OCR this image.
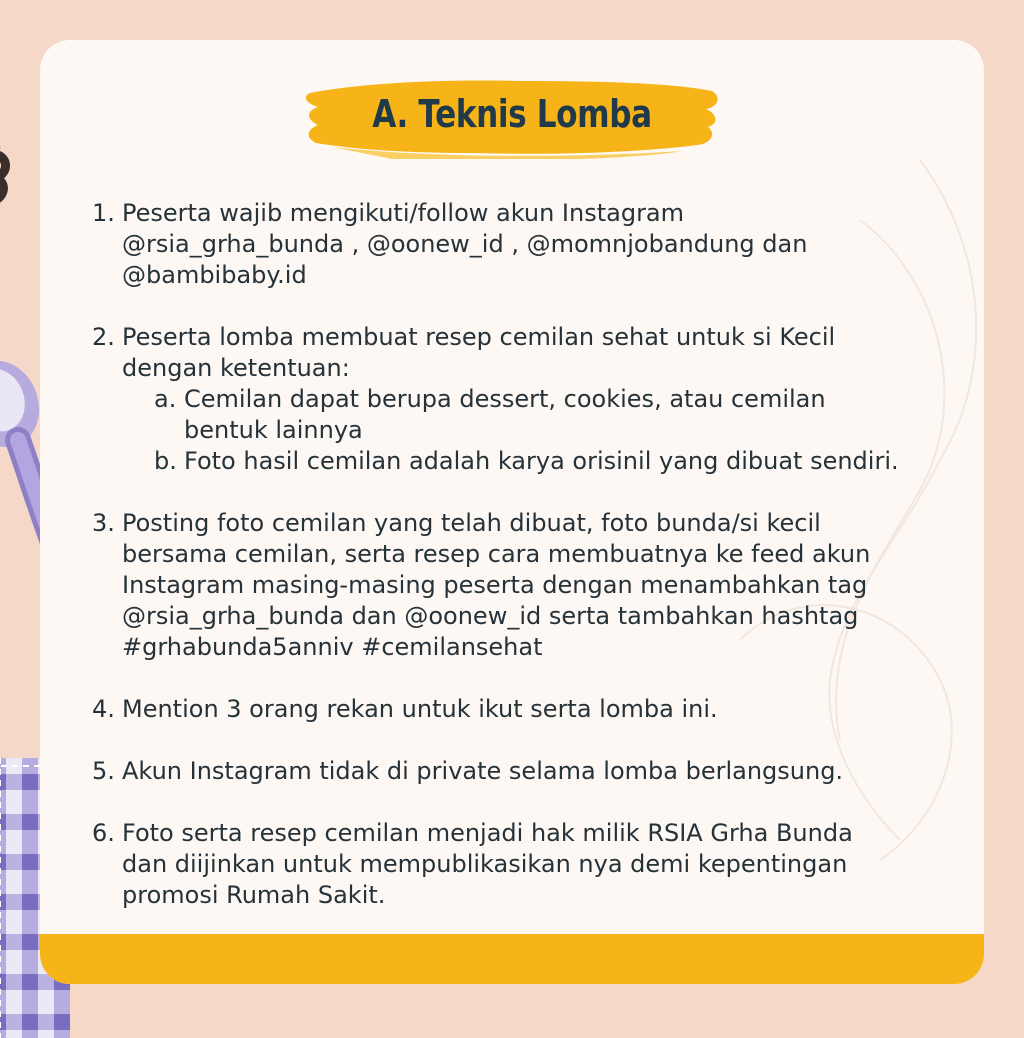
A. Teknis Lomba
1. Peserta wajib mengikuti/follow akun Instagram
@rsia_grha_bunda , @oonew_id , @momnjobandung dan
@bambibaby.id
2. Peserta lomba membuat resep cemilan sehat untuk si Kecil
dengan ketentuan:
a. Cemilan dapat berupa dessert, cookies, atau cemilan
bentuk lainnya
b. Foto hasil cemilan adalah karya orisinil yang dibuat sendiri.
3. Posting foto cemilan yang telah dibuat, foto bunda/si kecil
bersama cemilan, serta resep cara membuatnya ke feed akun
Instagram masing-masing peserta dengan menambahkan tag
@rsia_grha_bunda dan @oonew_id serta tambahkan hashtag
#grhabunda5anniv #cemilansehat
4. Mention 3 orang rekan untuk ikut serta lomba ini.
5. Akun Instagram tidak di private selama lomba berlangsung.
6. Foto serta resep cemilan menjadi hak milik RSIA Grha Bunda
dan diijinkan untuk mempublikasikan nya demi kepentingan
promosi Rumah Sakit.
